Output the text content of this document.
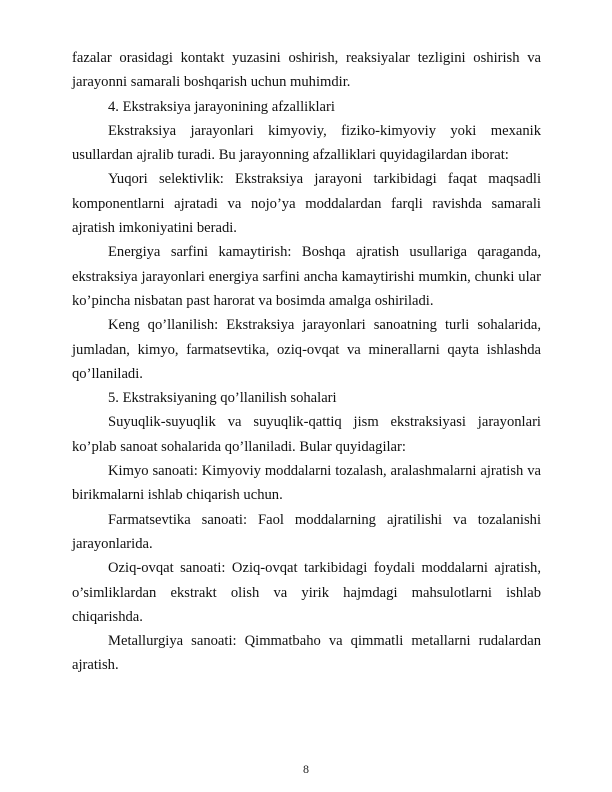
fazalar orasidagi kontakt yuzasini oshirish, reaksiyalar tezligini oshirish va jarayonni samarali boshqarish uchun muhimdir.

4. Ekstraksiya jarayonining afzalliklari

Ekstraksiya jarayonlari kimyoviy, fiziko-kimyoviy yoki mexanik usullardan ajralib turadi. Bu jarayonning afzalliklari quyidagilardan iborat:

Yuqori selektivlik: Ekstraksiya jarayoni tarkibidagi faqat maqsadli komponentlarni ajratadi va nojo’ya moddalardan farqli ravishda samarali ajratish imkoniyatini beradi.

Energiya sarfini kamaytirish: Boshqa ajratish usullariga qaraganda, ekstraksiya jarayonlari energiya sarfini ancha kamaytirishi mumkin, chunki ular ko’pincha nisbatan past harorat va bosimda amalga oshiriladi.

Keng qo’llanilish: Ekstraksiya jarayonlari sanoatning turli sohalarida, jumladan, kimyo, farmatsevtika, oziq-ovqat va minerallarni qayta ishlashda qo’llaniladi.

5. Ekstraksiyaning qo’llanilish sohalari

Suyuqlik-suyuqlik va suyuqlik-qattiq jism ekstraksiyasi jarayonlari ko’plab sanoat sohalarida qo’llaniladi. Bular quyidagilar:

Kimyo sanoati: Kimyoviy moddalarni tozalash, aralashmalarni ajratish va birikmalarni ishlab chiqarish uchun.

Farmatsevtika sanoati: Faol moddalarning ajratilishi va tozalanishi jarayonlarida.

Oziq-ovqat sanoati: Oziq-ovqat tarkibidagi foydali moddalarni ajratish, o’simliklardan ekstrakt olish va yirik hajmdagi mahsulotlarni ishlab chiqarishda.

Metallurgiya sanoati: Qimmatbaho va qimmatli metallarni rudalardan ajratish.

8
